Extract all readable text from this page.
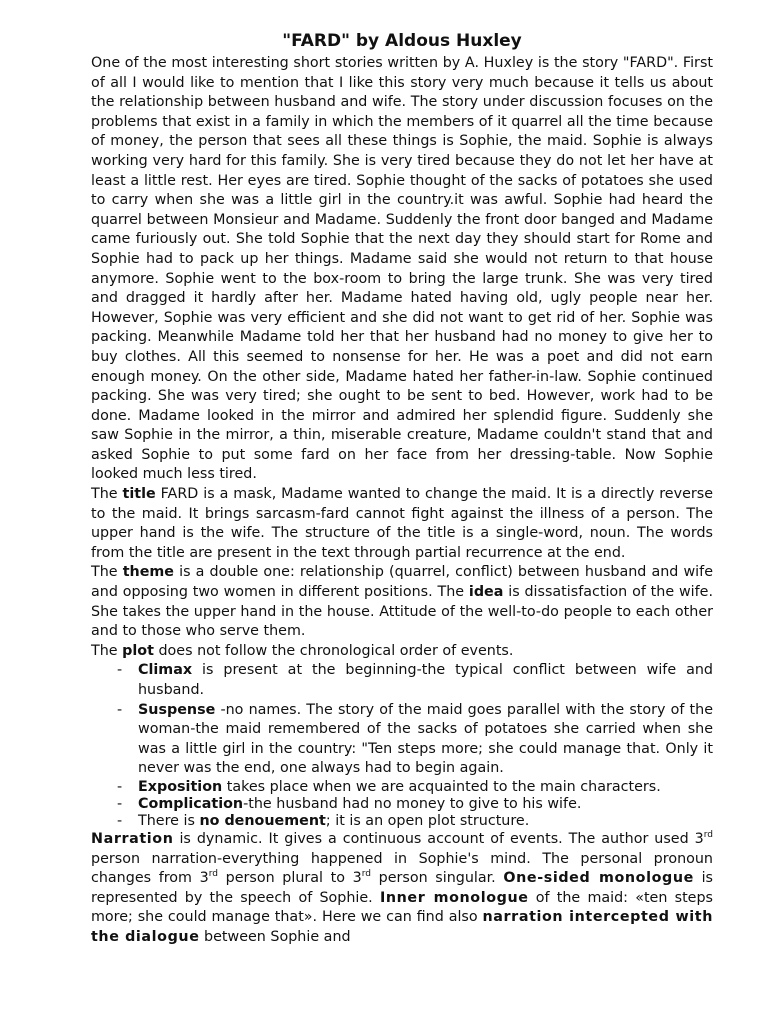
"FARD" by Aldous Huxley

One of the most interesting short stories written by A. Huxley is the story "FARD". First of all I would like to mention that I like this story very much because it tells us about the relationship between husband and wife. The story under discussion focuses on the problems that exist in a family in which the members of it quarrel all the time because of money, the person that sees all these things is Sophie, the maid. Sophie is always working very hard for this family. She is very tired because they do not let her have at least a little rest. Her eyes are tired. Sophie thought of the sacks of potatoes she used to carry when she was a little girl in the country.it was awful. Sophie had heard the quarrel between Monsieur and Madame. Suddenly the front door banged and Madame came furiously out. She told Sophie that the next day they should start for Rome and Sophie had to pack up her things. Madame said she would not return to that house anymore. Sophie went to the box-room to bring the large trunk. She was very tired and dragged it hardly after her. Madame hated having old, ugly people near her. However, Sophie was very efficient and she did not want to get rid of her. Sophie was packing. Meanwhile Madame told her that her husband had no money to give her to buy clothes. All this seemed to nonsense for her. He was a poet and did not earn enough money. On the other side, Madame hated her father-in-law. Sophie continued packing. She was very tired; she ought to be sent to bed. However, work had to be done. Madame looked in the mirror and admired her splendid figure. Suddenly she saw Sophie in the mirror, a thin, miserable creature, Madame couldn't stand that and asked Sophie to put some fard on her face from her dressing-table. Now Sophie looked much less tired.

The title FARD is a mask, Madame wanted to change the maid. It is a directly reverse to the maid. It brings sarcasm-fard cannot fight against the illness of a person. The upper hand is the wife. The structure of the title is a single-word, noun. The words from the title are present in the text through partial recurrence at the end.

The theme is a double one: relationship (quarrel, conflict) between husband and wife and opposing two women in different positions. The idea is dissatisfaction of the wife. She takes the upper hand in the house. Attitude of the well-to-do people to each other and to those who serve them.

The plot does not follow the chronological order of events.

- Climax is present at the beginning-the typical conflict between wife and husband.
- Suspense -no names. The story of the maid goes parallel with the story of the woman-the maid remembered of the sacks of potatoes she carried when she was a little girl in the country: "Ten steps more; she could manage that. Only it never was the end, one always had to begin again.
- Exposition takes place when we are acquainted to the main characters.
- Complication-the husband had no money to give to his wife.
- There is no denouement; it is an open plot structure.

Narration is dynamic. It gives a continuous account of events. The author used 3rd person narration-everything happened in Sophie's mind. The personal pronoun changes from 3rd person plural to 3rd person singular. One-sided monologue is represented by the speech of Sophie. Inner monologue of the maid: «ten steps more; she could manage that». Here we can find also narration intercepted with the dialogue between Sophie and
